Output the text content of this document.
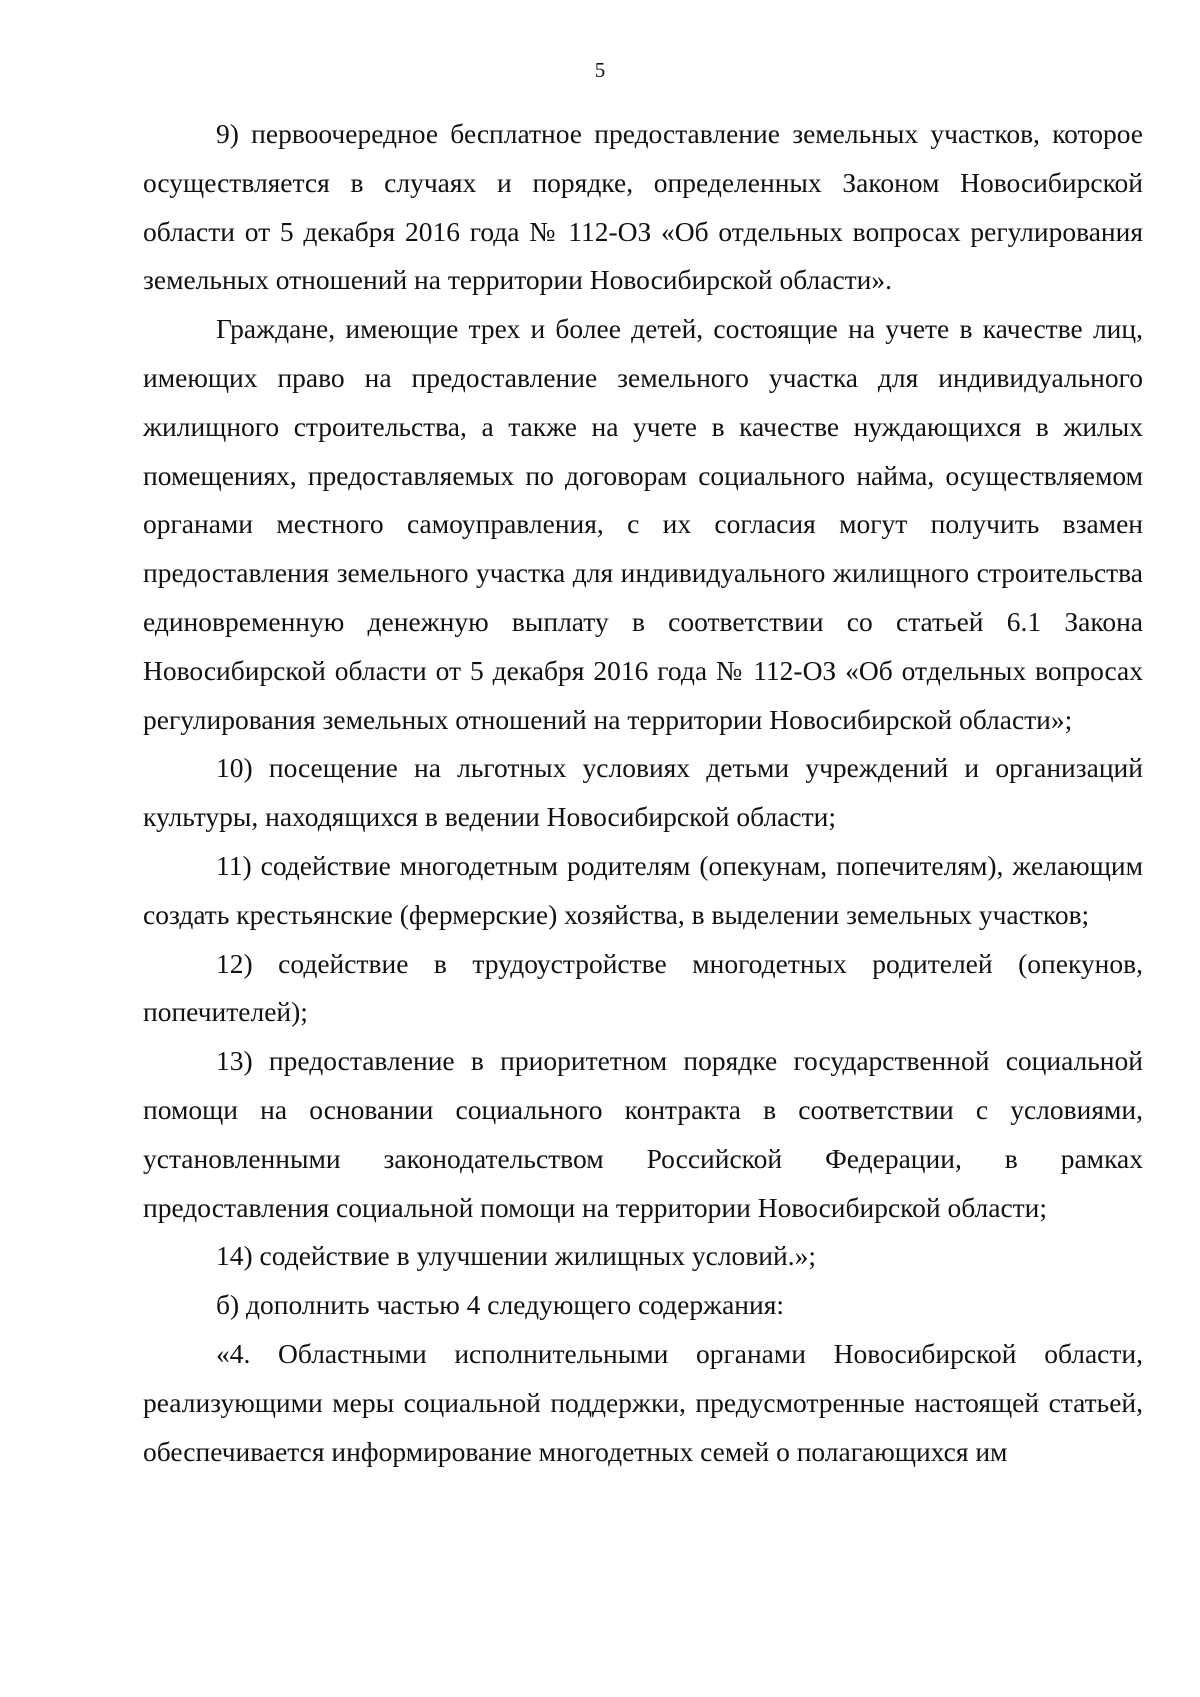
5

9) первоочередное бесплатное предоставление земельных участков, которое осуществляется в случаях и порядке, определенных Законом Новосибирской области от 5 декабря 2016 года № 112-ОЗ «Об отдельных вопросах регулирования земельных отношений на территории Новосибирской области».

Граждане, имеющие трех и более детей, состоящие на учете в качестве лиц, имеющих право на предоставление земельного участка для индивидуального жилищного строительства, а также на учете в качестве нуждающихся в жилых помещениях, предоставляемых по договорам социального найма, осуществляемом органами местного самоуправления, с их согласия могут получить взамен предоставления земельного участка для индивидуального жилищного строительства единовременную денежную выплату в соответствии со статьей 6.1 Закона Новосибирской области от 5 декабря 2016 года № 112-ОЗ «Об отдельных вопросах регулирования земельных отношений на территории Новосибирской области»;

10) посещение на льготных условиях детьми учреждений и организаций культуры, находящихся в ведении Новосибирской области;

11) содействие многодетным родителям (опекунам, попечителям), желающим создать крестьянские (фермерские) хозяйства, в выделении земельных участков;

12) содействие в трудоустройстве многодетных родителей (опекунов, попечителей);

13) предоставление в приоритетном порядке государственной социальной помощи на основании социального контракта в соответствии с условиями, установленными законодательством Российской Федерации, в рамках предоставления социальной помощи на территории Новосибирской области;

14) содействие в улучшении жилищных условий.»;

б) дополнить частью 4 следующего содержания:

«4. Областными исполнительными органами Новосибирской области, реализующими меры социальной поддержки, предусмотренные настоящей статьей, обеспечивается информирование многодетных семей о полагающихся им
